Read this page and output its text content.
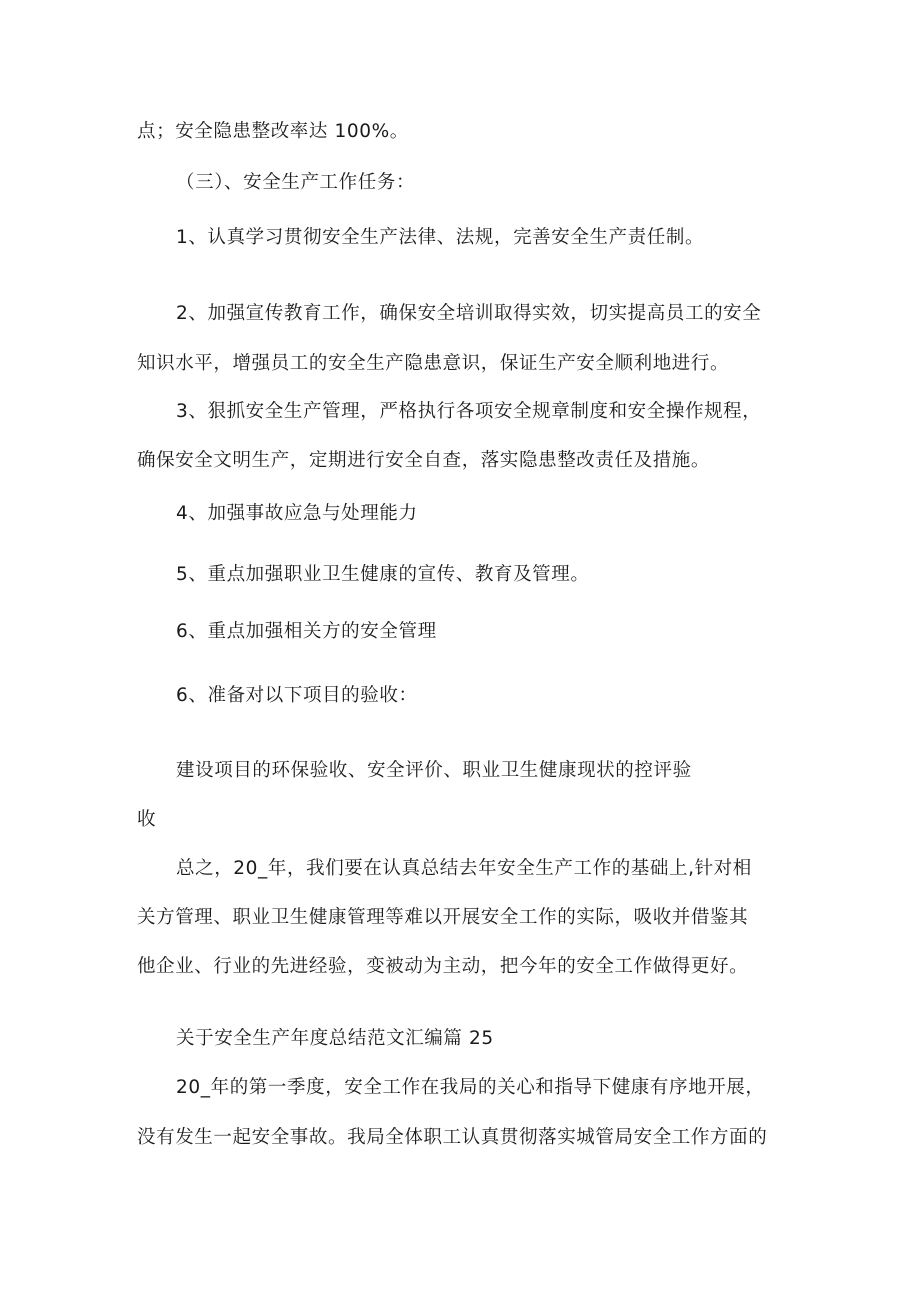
点；安全隐患整改率达 100%。
（三）、安全生产工作任务：
1、认真学习贯彻安全生产法律、法规，完善安全生产责任制。
2、加强宣传教育工作，确保安全培训取得实效，切实提高员工的安全
知识水平，增强员工的安全生产隐患意识，保证生产安全顺利地进行。
3、狠抓安全生产管理，严格执行各项安全规章制度和安全操作规程，
确保安全文明生产，定期进行安全自查，落实隐患整改责任及措施。
4、加强事故应急与处理能力
5、重点加强职业卫生健康的宣传、教育及管理。
6、重点加强相关方的安全管理
6、准备对以下项目的验收：
建设项目的环保验收、安全评价、职业卫生健康现状的控评验
收
总之，20_年，我们要在认真总结去年安全生产工作的基础上,针对相
关方管理、职业卫生健康管理等难以开展安全工作的实际，吸收并借鉴其
他企业、行业的先进经验，变被动为主动，把今年的安全工作做得更好。
关于安全生产年度总结范文汇编篇 25
20_年的第一季度，安全工作在我局的关心和指导下健康有序地开展，
没有发生一起安全事故。我局全体职工认真贯彻落实城管局安全工作方面的
